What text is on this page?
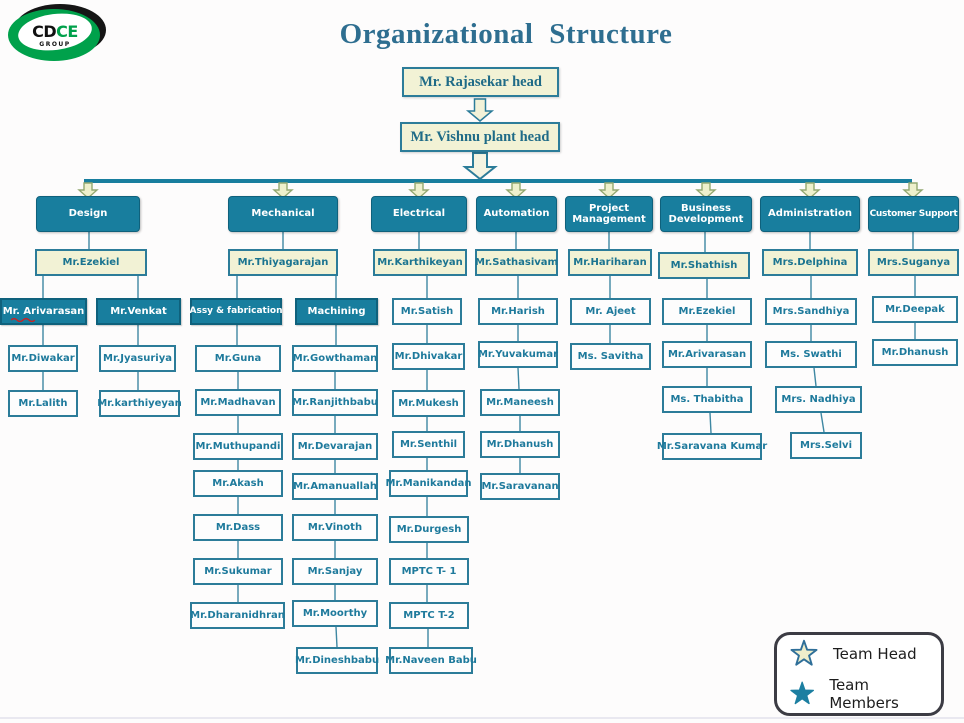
CDCE
GROUP	Organizational Structure
Mr. Rajasekar head
Mr. Vishnu plant head
Design	Mechanical	Electrical	Automation
Project Management
Business Development
Administration	Customer Support
Mr.Ezekiel	Mr.Thiyagarajan	Mr.Karthikeyan	Mr.Sathasivam	Mr.Hariharan	Mr.Shathish	Mrs.Delphina	Mrs.Suganya
Mr. Arivarasan	Mr.Venkat	Assy & fabrication	Machining
Mr.Diwakar	Mr.Jyasuriya
Mr.Lalith	Mr.karthiyeyan
Mr.Guna
Mr.Madhavan
Mr.Muthupandi
Mr.Akash
Mr.Dass
Mr.Sukumar
Mr.Dharanidhran
Mr.Gowthaman
Mr.Ranjithbabu
Mr.Devarajan
Mr.Amanuallah
Mr.Vinoth
Mr.Sanjay
Mr.Moorthy
Mr.Dineshbabu
Mr.Satish
Mr.Dhivakar
Mr.Mukesh
Mr.Senthil
Mr.Manikandan
Mr.Durgesh
MPTC T- 1
MPTC T-2
Mr.Naveen Babu
Mr.Harish
Mr.Yuvakumar
Mr.Maneesh
Mr.Dhanush
Mr.Saravanan
Mr. Ajeet
Ms. Savitha
Mr.Ezekiel
Mr.Arivarasan
Ms. Thabitha
Mr.Saravana Kumar
Mrs.Sandhiya
Ms. Swathi
Mrs. Nadhiya
Mrs.Selvi
Mr.Deepak
Mr.Dhanush
Team Head
Team Members
